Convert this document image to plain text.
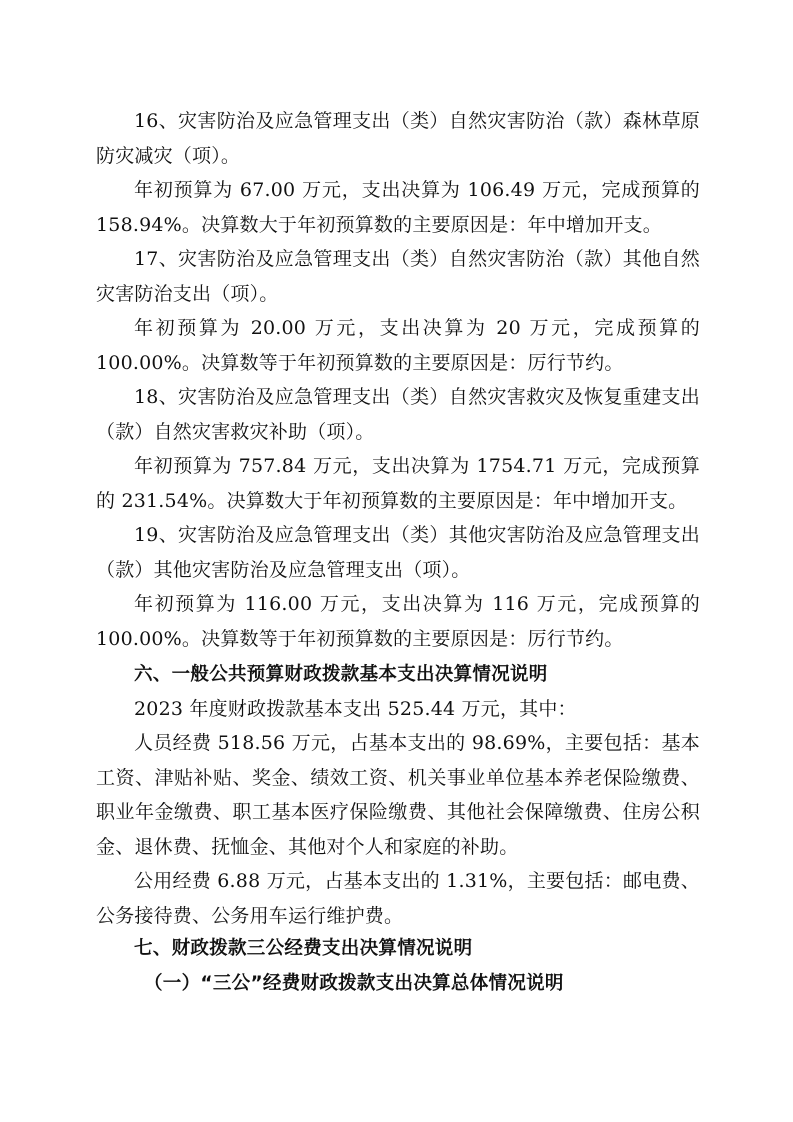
16、灾害防治及应急管理支出（类）自然灾害防治（款）森林草原防灾减灾（项）。

年初预算为 67.00 万元，支出决算为 106.49 万元，完成预算的 158.94%。决算数大于年初预算数的主要原因是：年中增加开支。

17、灾害防治及应急管理支出（类）自然灾害防治（款）其他自然灾害防治支出（项）。

年初预算为 20.00 万元，支出决算为 20 万元，完成预算的 100.00%。决算数等于年初预算数的主要原因是：厉行节约。

18、灾害防治及应急管理支出（类）自然灾害救灾及恢复重建支出（款）自然灾害救灾补助（项）。

年初预算为 757.84 万元，支出决算为 1754.71 万元，完成预算的 231.54%。决算数大于年初预算数的主要原因是：年中增加开支。

19、灾害防治及应急管理支出（类）其他灾害防治及应急管理支出（款）其他灾害防治及应急管理支出（项）。

年初预算为 116.00 万元，支出决算为 116 万元，完成预算的 100.00%。决算数等于年初预算数的主要原因是：厉行节约。

六、一般公共预算财政拨款基本支出决算情况说明

2023 年度财政拨款基本支出 525.44 万元，其中：

人员经费 518.56 万元，占基本支出的 98.69%，主要包括：基本工资、津贴补贴、奖金、绩效工资、机关事业单位基本养老保险缴费、职业年金缴费、职工基本医疗保险缴费、其他社会保障缴费、住房公积金、退休费、抚恤金、其他对个人和家庭的补助。

公用经费 6.88 万元，占基本支出的 1.31%，主要包括：邮电费、公务接待费、公务用车运行维护费。

七、财政拨款三公经费支出决算情况说明
（一）“三公”经费财政拨款支出决算总体情况说明
